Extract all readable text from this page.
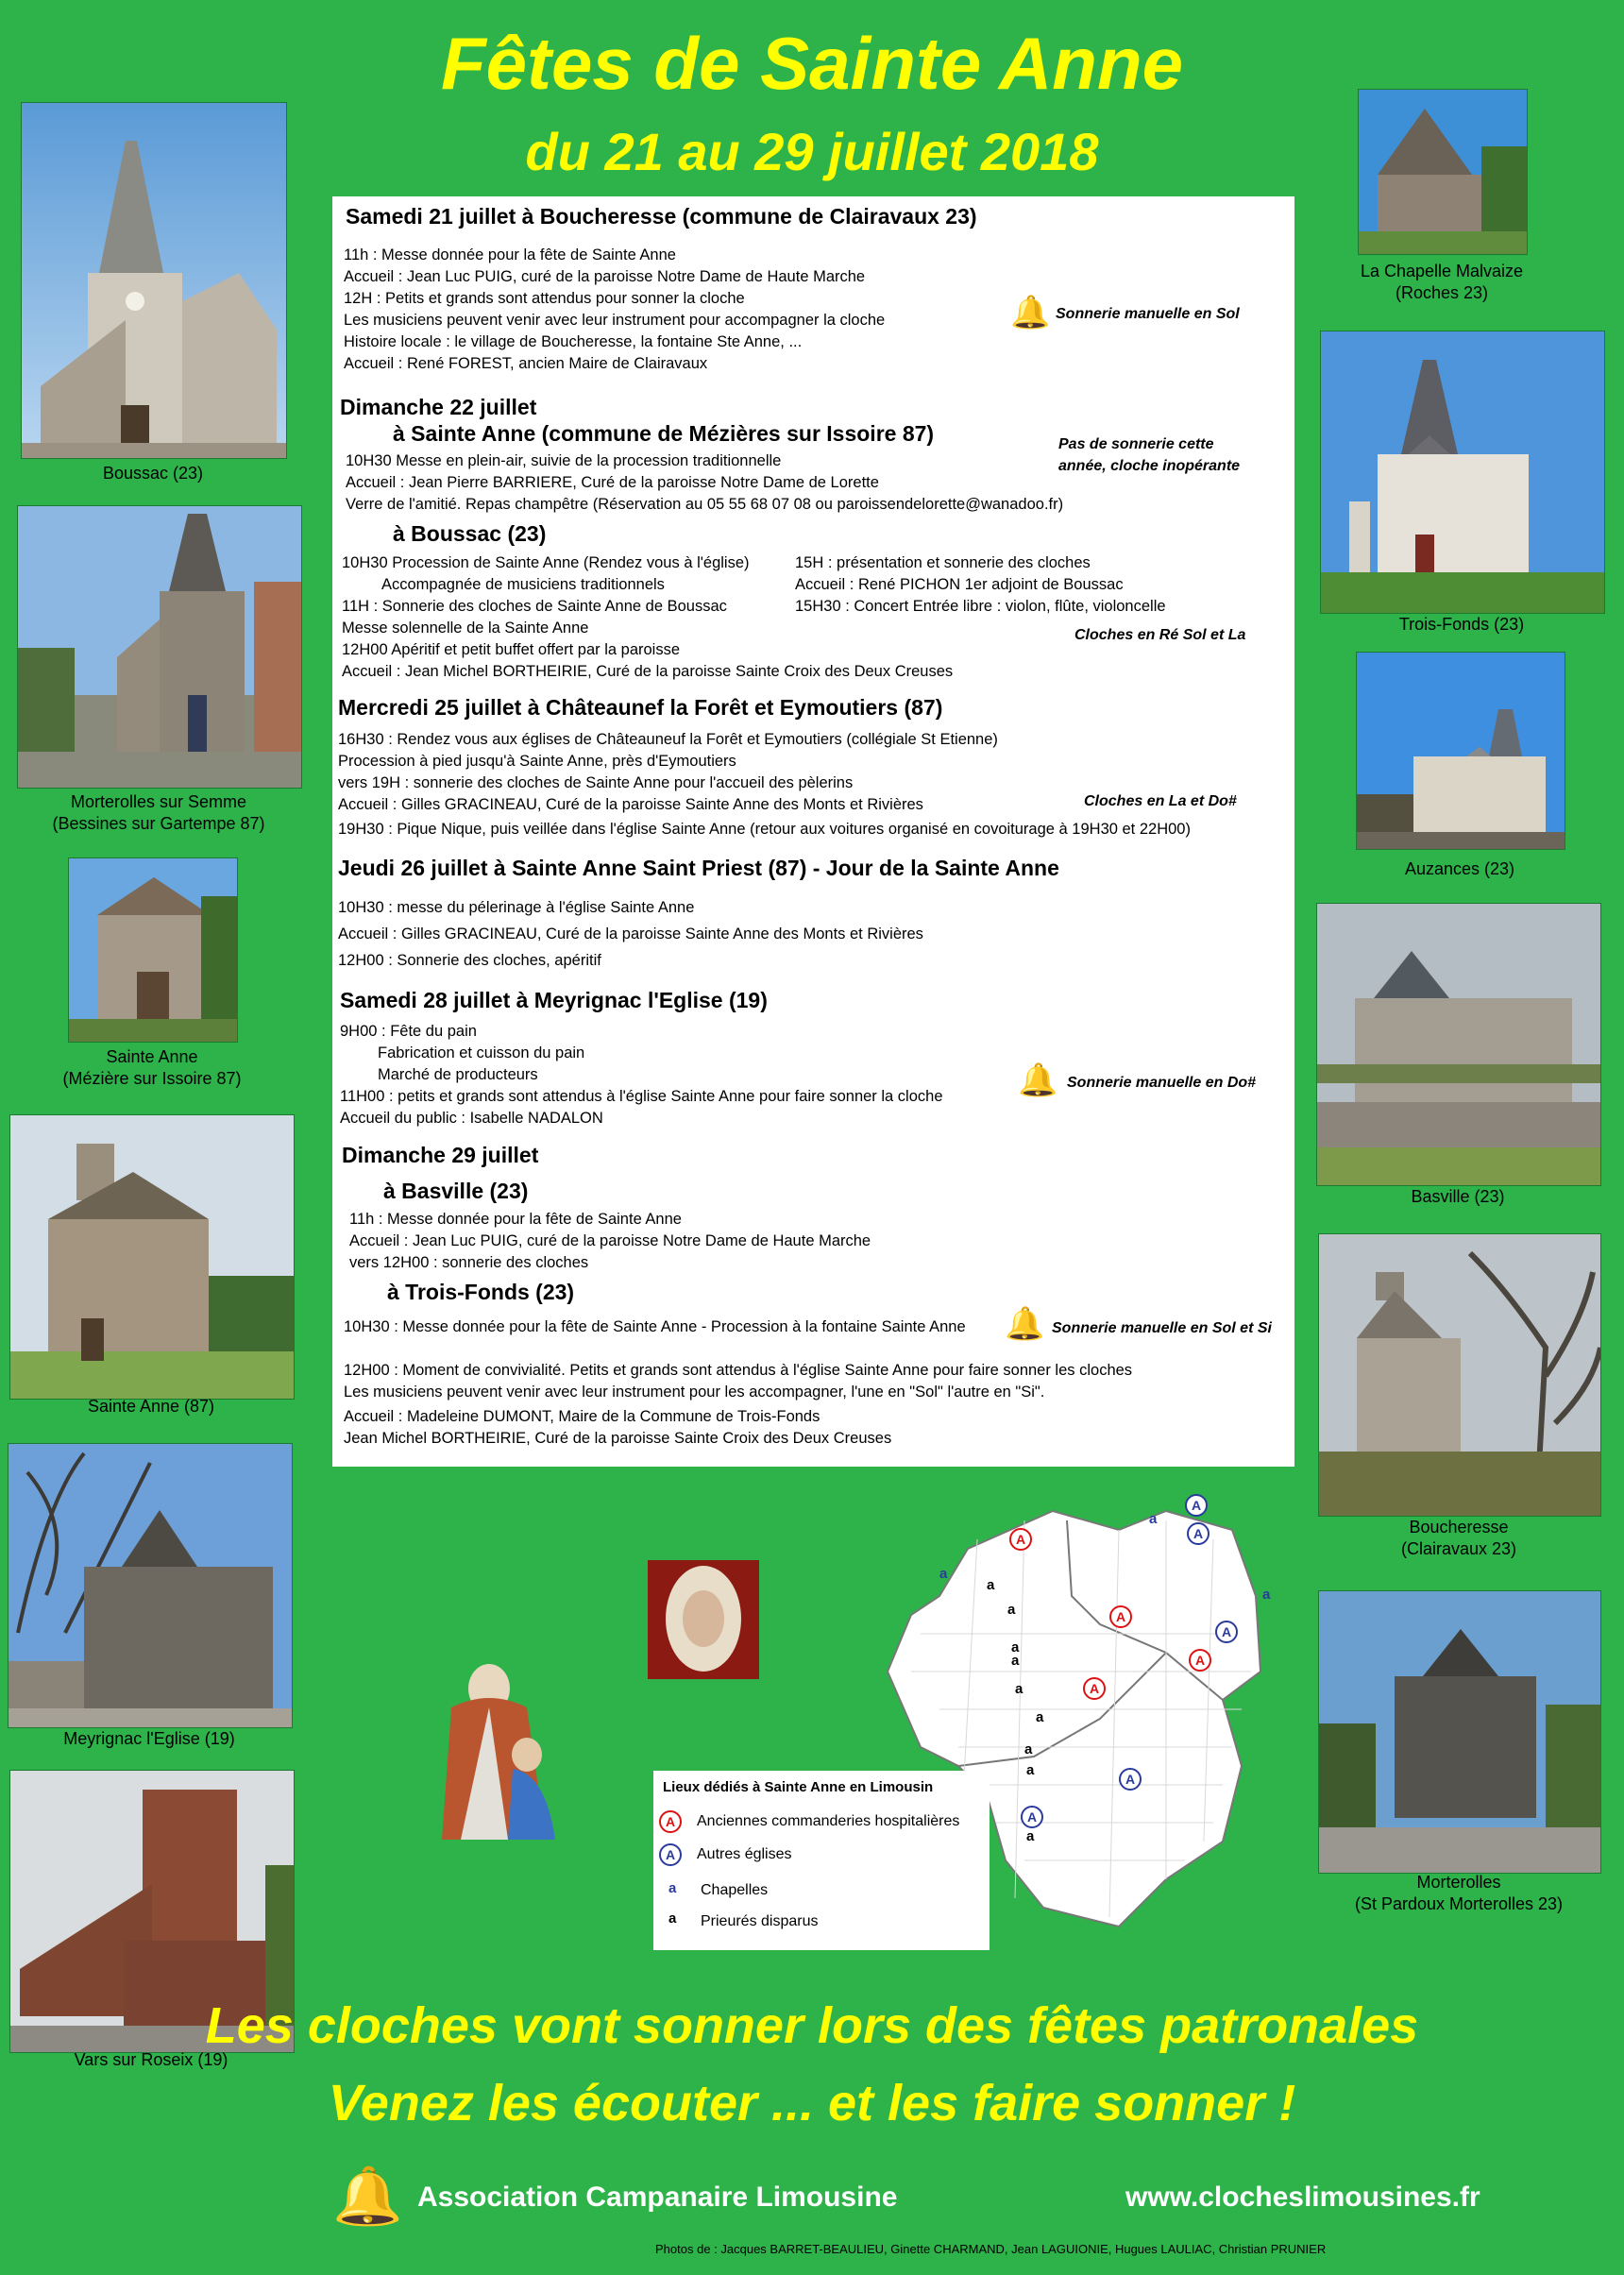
Fêtes de Sainte Anne
du 21 au 29 juillet 2018
Boussac (23)
Morterolles sur Semme
(Bessines sur Gartempe 87)
Sainte Anne
(Mézière sur Issoire 87)
Sainte Anne (87)
Meyrignac l'Eglise (19)
Vars sur Roseix (19)
La Chapelle Malvaize
(Roches 23)
Trois-Fonds (23)
Auzances (23)
Basville (23)
Boucheresse
(Clairavaux 23)
Morterolles
(St Pardoux Morterolles 23)
Samedi 21 juillet à Boucheresse (commune de Clairavaux 23)
11h : Messe donnée pour la fête de Sainte Anne
Accueil : Jean Luc PUIG, curé de la paroisse Notre Dame de Haute Marche
12H : Petits et grands sont attendus pour sonner la cloche
Les musiciens peuvent venir avec leur instrument pour accompagner la cloche
Histoire locale : le village de Boucheresse, la fontaine Ste Anne, ...
Accueil : René FOREST, ancien Maire de Clairavaux
🔔 Sonnerie manuelle en Sol
Dimanche 22 juillet
à Sainte Anne (commune de Mézières sur Issoire 87)	Pas de sonnerie cette
année, cloche inopérante
10H30 Messe en plein-air, suivie de la procession traditionnelle
Accueil : Jean Pierre BARRIERE, Curé de la paroisse Notre Dame de Lorette
Verre de l'amitié. Repas champêtre (Réservation au 05 55 68 07 08 ou paroissendelorette@wanadoo.fr)
à Boussac (23)
10H30 Procession de Sainte Anne (Rendez vous à l'église)
Accompagnée de musiciens traditionnels
11H : Sonnerie des cloches de Sainte Anne de Boussac
Messe solennelle de la Sainte Anne
12H00 Apéritif et petit buffet offert par la paroisse
Accueil : Jean Michel BORTHEIRIE, Curé de la paroisse Sainte Croix des Deux Creuses
15H : présentation et sonnerie des cloches
Accueil : René PICHON 1er adjoint de Boussac
15H30 : Concert Entrée libre : violon, flûte, violoncelle
Cloches en Ré Sol et La
Mercredi 25 juillet à Châteaunef la Forêt et Eymoutiers (87)
16H30 : Rendez vous aux églises de Châteauneuf la Forêt et Eymoutiers (collégiale St Etienne)
Procession à pied jusqu'à Sainte Anne, près d'Eymoutiers
vers 19H : sonnerie des cloches de Sainte Anne pour l'accueil des pèlerins
Accueil : Gilles GRACINEAU, Curé de la paroisse Sainte Anne des Monts et Rivières
19H30 : Pique Nique, puis veillée dans l'église Sainte Anne (retour aux voitures organisé en covoiturage à 19H30 et 22H00)
Cloches en La et Do#
Jeudi 26 juillet à Sainte Anne Saint Priest (87) - Jour de la Sainte Anne
10H30 : messe du pélerinage à l'église Sainte Anne
Accueil : Gilles GRACINEAU, Curé de la paroisse Sainte Anne des Monts et Rivières
12H00 : Sonnerie des cloches, apéritif
Samedi 28 juillet à Meyrignac l'Eglise (19)
9H00 : Fête du pain
Fabrication et cuisson du pain
Marché de producteurs
11H00 : petits et grands sont attendus à l'église Sainte Anne pour faire sonner la cloche
Accueil du public : Isabelle NADALON
🔔 Sonnerie manuelle en Do#
Dimanche 29 juillet
à Basville (23)
11h : Messe donnée pour la fête de Sainte Anne
Accueil : Jean Luc PUIG, curé de la paroisse Notre Dame de Haute Marche
vers 12H00 : sonnerie des cloches
à Trois-Fonds (23)
10H30 : Messe donnée pour la fête de Sainte Anne - Procession à la fontaine Sainte Anne 🔔 Sonnerie manuelle en Sol et Si
12H00 : Moment de convivialité. Petits et grands sont attendus à l'église Sainte Anne pour faire sonner les cloches
Les musiciens peuvent venir avec leur instrument pour les accompagner, l'une en "Sol" l'autre en "Si".
Accueil : Madeleine DUMONT, Maire de la Commune de Trois-Fonds
Jean Michel BORTHEIRIE, Curé de la paroisse Sainte Croix des Deux Creuses
A
A
A
A
A
A
A
A
A
a
a
a
a
a
a
a
a
a
a
a
a
Lieux dédiés à Sainte Anne en Limousin
A	Anciennes commanderies hospitalières
A	Autres églises
a Chapelles
a Prieurés disparus
Les cloches vont sonner lors des fêtes patronales
Venez les écouter ... et les faire sonner !
🔔 Association Campanaire Limousine	www.clocheslimousines.fr
Photos de : Jacques BARRET-BEAULIEU, Ginette CHARMAND, Jean LAGUIONIE, Hugues LAULIAC, Christian PRUNIER
